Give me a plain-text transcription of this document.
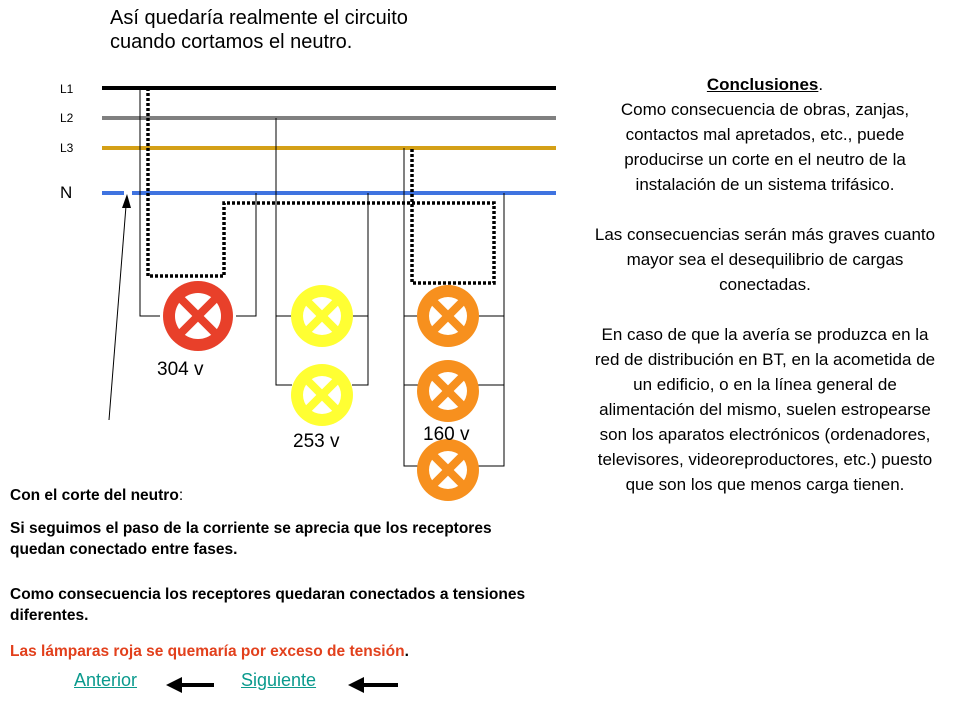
L1
L2
L3
N
304 v
253 v	160 v
Así quedaría realmente el circuito
cuando cortamos el neutro.
Conclusiones.
Como consecuencia de obras, zanjas, contactos mal apretados, etc., puede producirse un corte en el neutro de la instalación de un sistema trifásico.
Las consecuencias serán más graves cuanto mayor sea el desequilibrio de cargas conectadas.
En caso de que la avería se produzca en la red de distribución en BT, en la acometida de un edificio, o en la línea general de alimentación del mismo, suelen estropearse son los aparatos electrónicos (ordenadores, televisores, videoreproductores, etc.) puesto que son los que menos carga tienen.
Con el corte del neutro:
Si seguimos el paso de la corriente se aprecia que los receptores quedan conectado entre fases.
Como consecuencia los receptores quedaran conectados a tensiones diferentes.
Las lámparas roja se quemaría por exceso de tensión.
Anterior	Siguiente
